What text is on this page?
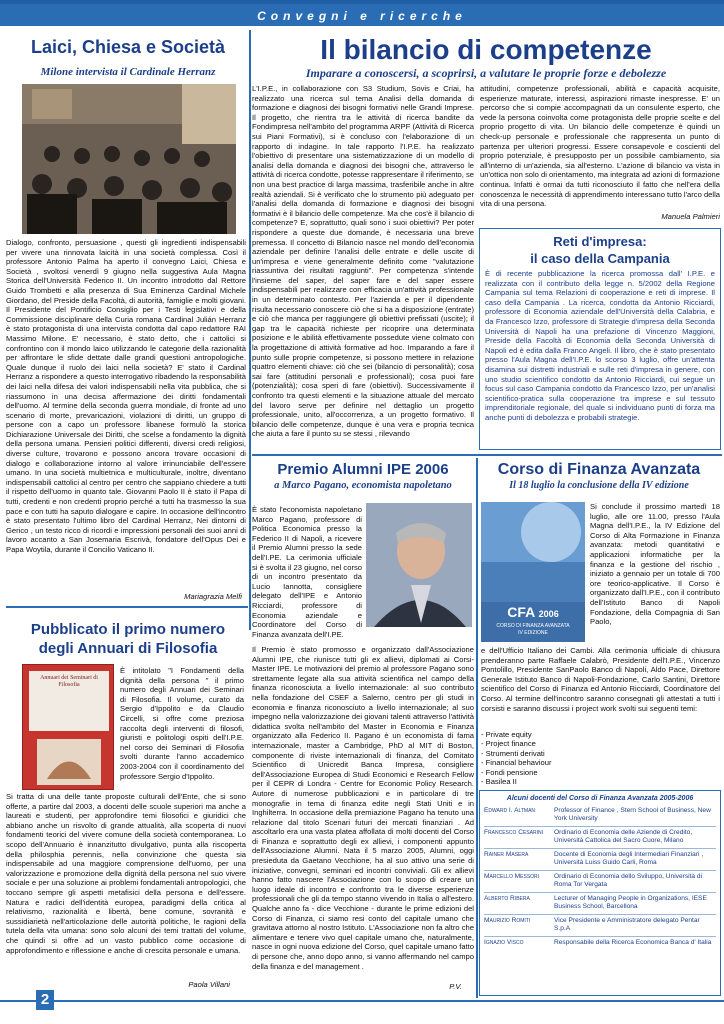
Convegni e ricerche
Laici, Chiesa e Società
Milone intervista il Cardinale Herranz
Dialogo, confronto, persuasione , questi gli ingredienti indispensabili per vivere una rinnovata laicità in una società complessa. Così il professore Antonio Palma ha aperto il convegno Laici, Chiesa e Società , svoltosi venerdì 9 giugno nella suggestiva Aula Magna Storica dell'Università Federico II. Un incontro introdotto dal Rettore Guido Trombetti e alla presenza di Sua Eminenza Cardinal Michele Giordano, del Preside della Facoltà, di autorità, famiglie e molti giovani. Il Presidente del Pontificio Consiglio per i Testi legislativi e della Commissione disciplinare della Curia romana Cardinal Julián Herranz è stato protagonista di una intervista condotta dal capo redattore RAI Massimo Milone. E' necessario, è stato detto, che i cattolici si confrontino con il mondo laico utilizzando le categorie della razionalità per affrontare le sfide dettate dalle grandi questioni antropologiche. Quale dunque il ruolo dei laici nella società? E' stato il Cardinal Herranz a rispondere a questo interrogativo ribadendo la responsabilità dei laici nella difesa dei valori indispensabili nella vita pubblica, che si riassumono in una decisa affermazione dei diritti fondamentali dell'uomo. Al termine della seconda guerra mondiale, di fronte ad uno scenario di morte, prevaricazioni, violazioni di diritti, un gruppo di persone con a capo un professore libanese formulò la storica Dichiarazione Universale dei Diritti, che scelse a fondamento la dignità della persona umana. Pensieri politici differenti, diversi credi religiosi, diverse culture, trovarono e possono ancora trovare occasioni di dialogo e collaborazione intorno al valore irrinunciabile dell'essere umano. In una società multietnica e multiculturale, inoltre, diventano indispensabili cattolici al centro per centro che sappiano chiedere a tutti il rispetto dell'uomo in quanto tale. Giovanni Paolo II è stato il Papa di tutti, credenti e non credenti proprio perché a tutti ha trasmesso la sua pace e con tutti ha saputo dialogare e capire. In occasione dell'incontro è stato presentato l'ultimo libro del Cardinal Herranz, Nei dintorni di Gerico , un testo ricco di ricordi e impressioni personali dei suoi anni di lavoro accanto a San Josemaria Escrivà, fondatore dell'Opus Dei e Papa Woytila, durante il Concilio Vaticano II.
Mariagrazia Melfi
Pubblicato il primo numero
degli Annuari di Filosofia
Annuari dei Seminari di Filosofia
È intitolato "I Fondamenti della dignità della persona " il primo numero degli Annuari dei Seminari di Filosofia. Il volume, curato da Sergio d'Ippolito e da Claudio Circelli, si offre come preziosa raccolta degli interventi di filosofi, giuristi e politologi ospiti dell'I.P.E. nel corso dei Seminari di Filosofia svolti durante l'anno accademico 2003-2004 con il coordinamento del professore Sergio d'Ippolito.
Si tratta di una delle tante proposte culturali dell'Ente, che si sono offerte, a partire dal 2003, a docenti delle scuole superiori ma anche a laureati e studenti, per approfondire temi filosofici e giuridici che abbiano anche un risvolto di grande attualità, alla scoperta di nuovi fondamenti teorici del vivere comune della società contemporanea. Lo scopo dell'Annuario è innanzitutto divulgativo, punta alla riscoperta della philosphia perennis, nella convinzione che questa sia indispensabile ad una maggiore comprensione dell'uomo, per una valorizzazione e promozione della dignità della persona nel suo vivere sociale e per una soluzione ai problemi fondamentali antropologici, che toccano sempre gli aspetti metafisici della persona e dell'essere. Natura e radici dell'identità europea, paradigmi della critica al relativismo, razionalità e libertà, bene comune, sovranità e sussidiarietà nell'articolazione delle autorità politiche, le ragioni della tutela della vita umana: sono solo alcuni dei temi trattati del volume, che quindi si offre ad un vasto pubblico come occasione di approfondimento e riflessione e anche di crescita personale e umana.
Paola Villani
2
Il bilancio di competenze
Imparare a conoscersi, a scoprirsi, a valutare le proprie forze e debolezze
L'I.P.E., in collaborazione con S3 Studium, Sovis e Criai, ha realizzato una ricerca sul tema Analisi della domanda di formazione e diagnosi dei bisogni formativi nelle Grandi Imprese. Il progetto, che rientra tra le attività di ricerca bandite da Fondimpresa nell'ambito del programma ARPF (Attività di Ricerca sui Piani Formativi), si è concluso con l'elaborazione di un rapporto di indagine. In tale rapporto l'I.P.E. ha realizzato l'obiettivo di presentare una sistematizzazione di un modello di analisi della domanda e diagnosi dei bisogni che, attraverso le attività di ricerca condotte, potesse rappresentare il riferimento, se non una best practice di larga massima, trasferibile anche in altre realtà aziendali. Si è verificato che lo strumento più adeguato per l'analisi della domanda di formazione e diagnosi dei bisogni formativi è il bilancio delle competenze. Ma che cos'è il bilancio di competenze? E, soprattutto, quali sono i suoi obiettivi? Per poter rispondere a queste due domande, è necessaria una breve premessa. Il concetto di Bilancio nasce nel mondo dell'economia aziendale per definire l'analisi delle entrate e delle uscite di un'impresa e viene generalmente definito come "valutazione riassuntiva dei risultati raggiunti". Per competenza s'intende l'insieme del saper, del saper fare e del saper essere indispensabili per realizzare con efficacia un'attività professionale in un determinato contesto. Per l'azienda e per il dipendente risulta necessario conoscere ciò che si ha a disposizione (entrate) e ciò che manca per raggiungere gli obiettivi prefissati (uscite); il gap tra le capacità richieste per ricoprire una determinata posizione e le abilità effettivamente possedute viene colmato con la progettazione di attività formative ad hoc. Imparando a fare il punto sulle proprie competenze, si possono mettere in relazione quattro elementi chiave: ciò che sei (bilancio di personalità); cosa sai fare (attitudini personali e professionali); cosa puoi fare (potenzialità); cosa speri di fare (obiettivi). Successivamente il confronto tra questi elementi e la situazione attuale del mercato del lavoro serve per definire nel dettaglio un progetto professionale, unito, all'occorrenza, a un progetto formativo. Il bilancio delle competenze, dunque è una vera e propria tecnica che aiuta a fare il punto su se stessi , rilevando
attitudini, competenze professionali, abilità e capacità acquisite, esperienze maturate, interessi, aspirazioni rimaste inespresse. E' un percorso che si compie accompagnati da un consulente esperto, che vede la persona coinvolta come protagonista delle proprie scelte e del proprio progetto di vita. Un bilancio delle competenze è quindi un check-up personale e professionale che rappresenta un punto di partenza per ulteriori progressi. Essere consapevole e coscienti del proprio potenziale, è presupposto per un possibile cambiamento, sia all'interno di un'azienda, sia all'esterno. L'azione di bilancio va vista in un'ottica non solo di orientamento, ma integrata ad azioni di formazione continua. Infatti è ormai da tutti riconosciuto il fatto che nell'era della conoscenza le necessità di apprendimento interessano tutto l'arco della vita di una persona.
Manuela Palmieri
Reti d'impresa:
il caso della Campania
È di recente pubblicazione la ricerca promossa dall' I.P.E. e realizzata con il contributo della legge n. 5/2002 della Regione Campania sul tema Relazioni di cooperazione e reti di imprese. Il caso della Campania . La ricerca, condotta da Antonio Ricciardi, professore di Economia aziendale dell'Università della Calabria, e da Francesco Izzo, professore di Strategie d'impresa della Seconda Università di Napoli ha una prefazione di Vincenzo Maggioni, Preside della Facoltà di Economia della Seconda Università di Napoli ed è edita dalla Franco Angeli. Il libro, che è stato presentato presso l'Aula Magna dell'I.P.E. lo scorso 3 luglio, offre un'attenta disamina sui distretti industriali e sulle reti d'impresa in genere, con uno studio scientifico condotto da Antonio Ricciardi, cui segue un focus sul caso Campania condotto da Francesco Izzo, per un'analisi scientifico-pratica sulla cooperazione tra imprese e sul tessuto imprenditoriale regionale, del quale si individuano punti di forza ma anche punti di debolezza e probabili strategie.
Premio Alumni IPE 2006
a Marco Pagano, economista napoletano
È stato l'economista napoletano Marco Pagano, professore di Politica Economica presso la Federico II di Napoli, a ricevere il Premio Alumni presso la sede dell'I.PE. La cerimonia ufficiale si è svolta il 23 giugno, nel corso di un incontro presentato da Lucio Iannotta, consigliere delegato dell'IPE e Antonio Ricciardi, professore di Economia aziendale e Coordinatore del Corso di Finanza avanzata dell'I.PE.
Il Premio è stato promosso e organizzato dall'Associazione Alumni IPE, che riunisce tutti gli ex allievi, diplomati ai Corsi-Master IPE. Le motivazioni del premio al professore Pagano sono strettamente legate alla sua attività scientifica nel campo della finanza riconosciuta a livello internazionale: al suo contributo nella fondazione del CSEF a Salerno, centro per gli studi in economia e finanza riconosciuto a livello internazionale; al suo impegno nella valorizzazione dei giovani talenti attraverso l'attività didattica svolta nell'ambito del Master in Economia e Finanza organizzato alla Federico II. Pagano è un economista di fama internazionale, master a Cambridge, PhD al MIT di Boston, componente di riviste internazionali di finanza, del Comitato Scientifico di Unicredit Banca Impresa, consigliere dell'Associazione Europea di Studi Economici e Research Fellow per il CEPR di Londra - Centre for Economic Policy Research. Autore di numerose pubblicazioni e in particolare di tre monografie in tema di finanza edite negli Stati Uniti e in Inghilterra. In occasione della premiazione Pagano ha tenuto una relazione dal titolo Scenari futuri dei mercati finanziari . Ad ascoltarlo era una vasta platea affollata di molti docenti del Corso di Finanza e soprattutto degli ex allievi, i componenti appunto dell'Associazione Alumni. Nata il 5 marzo 2005, Alumni, oggi presieduta da Gaetano Vecchione, ha al suo attivo una serie di iniziative, convegni, seminari ed incontri conviviali. Gli ex allievi hanno fatto nascere l'Associazione con lo scopo di creare un luogo ideale di incontro e confronto tra le diverse esperienze professionali che gli da tempo stanno vivendo in Italia o all'estero. Qualche anno fa - dice Vecchione - durante le prime edizioni del Corso di Finanza, ci siamo resi conto del capitale umano che gravitava attorno al nostro Istituto. L'Associazione non fa altro che alimentare e tenere vivo quel capitale umano che, naturalmente, nasce in ogni nuova edizione del Corso, quel capitale umano fatto di persone che, anno dopo anno, si vanno affermando nel campo della finanza e del management .
P.V.
Corso di Finanza Avanzata
Il 18 luglio la conclusione della IV edizione
CFA 2006
CORSO DI FINANZA AVANZATA
IV EDIZIONE
Si conclude il prossimo martedì 18 luglio, alle ore 11.00, presso l'Aula Magna dell'I.P.E., la IV Edizione del Corso di Alta Formazione in Finanza avanzata: metodi quantitativi e applicazioni informatiche per la finanza e la gestione del rischio , iniziato a gennaio per un totale di 700 ore teorico-applicative. Il Corso è organizzato dall'I.P.E., con il contributo dell'Istituto Banco di Napoli Fondazione, della Compagnia di San Paolo,
e dell'Ufficio Italiano dei Cambi. Alla cerimonia ufficiale di chiusura prenderanno parte Raffaele Calabrò, Presidente dell'I.P.E., Vincenzo Pontolillo, Presidente SanPaolo Banco di Napoli, Aldo Pace, Direttore Generale Istituto Banco di Napoli-Fondazione, Carlo Santini, Direttore scientifico del Corso di Finanza ed Antonio Ricciardi, Coordinatore del Corso. Al termine dell'incontro saranno consegnati gli attestati a tutti i corsisti e saranno discussi i project work svolti sui seguenti temi:
- Private equity
- Project finance
- Strumenti derivati
- Financial behaviour
- Fondi pensione
- Basilea II
Alcuni docenti del Corso di Finanza Avanzata 2005-2006
Edward I. Altman	Professor of Finance , Stern School of Business, New York University
Francesco Cesarini	Ordinario di Economia delle Aziende di Credito, Università Cattolica del Sacro Cuore, Milano
Rainer Masera	Docente di Economia degli Intermediari Finanziari , Università Luiss Guido Carli, Roma
Marcello Messori	Ordinario di Economia dello Sviluppo, Università di Roma Tor Vergata
Alberto Ribera	Lecturer of Managing People in Organizations, IESE Business School, Barcellona
Maurizio Romiti	Vice Presidente e Amministratore delegato Pentar S.p.A
Ignazio Visco	Responsabile della Ricerca Economica Banca d' Italia
